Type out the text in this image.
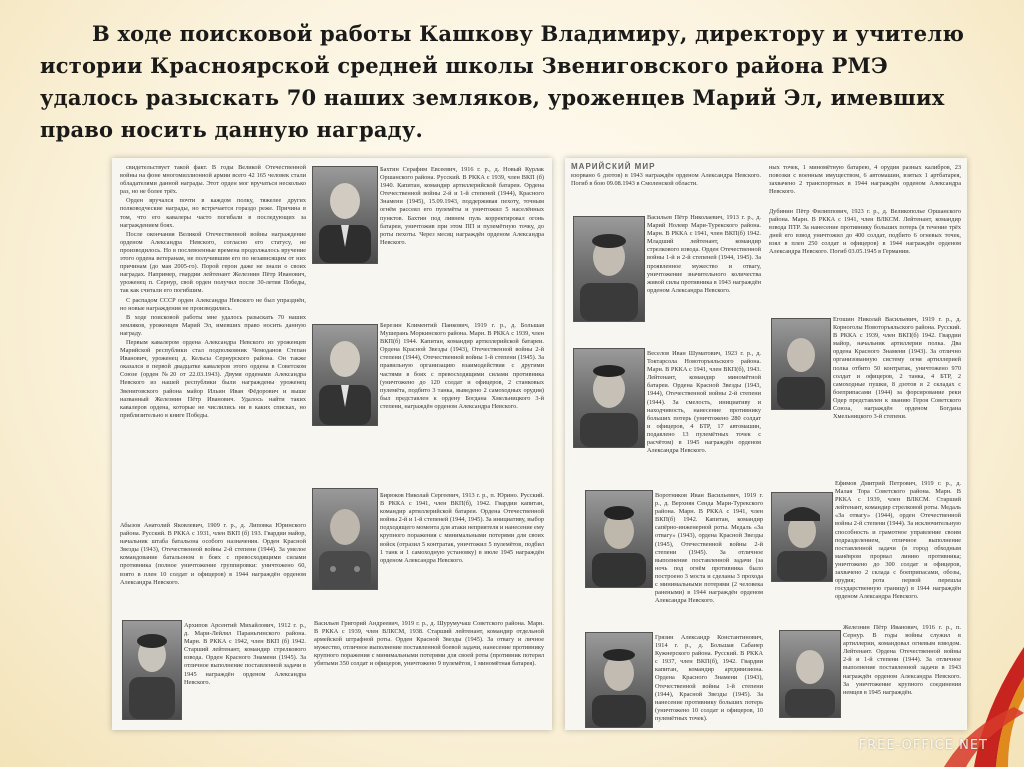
В ходе поисковой работы Кашкову Владимиру, директору и учителю истории Красноярской средней школы Звениговского района РМЭ удалось разыскать 70 наших земляков, уроженцев Марий Эл, имевших право носить данную награду.

свидетельствует такой факт. В годы Великой Отечественной войны на фоне многомиллионной армии всего 42 165 человек стали обладателями данной награды. Этот орден мог вручаться несколько раз, но не более трёх.

Орден вручался почти в каждом полку, тяжелее других полководческие награды, но встречается гораздо реже. Причина в том, что его кавалеры часто погибали в последующих за награждением боях.

После окончания Великой Отечественной войны награждение орденом Александра Невского, согласно его статусу, не производилось. Но в послевоенные времена продолжалось вручение этого ордена ветеранам, не получившим его по независящим от них причинам (до мая 2005-го). Порой герои даже не знали о своих наградах. Например, гвардии лейтенант Железнин Пётр Иванович, уроженец п. Сернур, свой орден получил после 30-летия Победы, так как считали его погибшим.

С распадом СССР орден Александра Невского не был упразднён, но новые награждения не производились.

В ходе поисковой работы мне удалось разыскать 70 наших земляков, уроженцев Марий Эл, имевших право носить данную награду.

Первым кавалером ордена Александра Невского из уроженцев Марийской республики стал подполковник Чемоданов Степан Иванович, уроженец д. Кельсы Сернурского района. Он также оказался в первой двадцатке кавалеров этого ордена в Советском Союзе (орден №20 от 22.03.1943). Двумя орденами Александра Невского из нашей республики были награждены уроженец Звениговского района майор Ильин Иван Фёдорович и выше названный Железнин Пётр Иванович. Удалось найти таких кавалеров ордена, которые не числились ни в каких списках, но приблизительно в книге Победы.

Абызов Анатолий Яковлевич, 1909 г. р., д. Липовка Юринского района. Русский. В РККА с 1931, член ВКП (б) 193. Гвардии майор, начальник штаба батальона особого назначения. Орден Красной Звезды (1943), Отечественной войны 2-й степени (1944). За умелое командование батальоном в боях с превосходящими силами противника (полное уничтожение группировки: уничтожено 60, взято в плен 10 солдат и офицеров) в 1944 награждён орденом Александра Невского.
Архипов Арсентий Михайлович, 1912 г. р., д. Мари-Лейлял Параньгинского района. Марн. В РККА с 1942, член ВКП (б) 1942. Старший лейтенант, командир стрелкового взвода. Орден Красного Знамени (1945). За отличное выполнение поставленной задачи в 1945 награждён орденом Александра Невского.
Бахтин Серафим Евсеевич, 1916 г. р., д. Новый Курлак Оршанского района. Русский. В РККА с 1939, член ВКП (б) 1940. Капитан, командир артиллерийской батареи. Ордена Отечественной войны 2-й и 1-й степеней (1944), Красного Знамени (1945), 15.09.1943, поддерживая пехоту, точным огнём рассеял его пулемёты и уничтожил 5 населённых пунктов. Бахтин под ливнем пуль корректировал огонь батареи, уничтожив при этом ПП и пулемётную точку, до роты пехоты. Через месяц награждён орденом Александра Невского.
Березин Климентий Панкович, 1919 г. р., д. Большая Мушерань Моркинского района. Марн. В РККА с 1939, член ВКП(б) 1944. Капитан, командир артиллерийской батареи. Ордена Красной Звезды (1943), Отечественной войны 2-й степени (1944), Отечественной войны 1-й степени (1945). За правильную организацию взаимодействия с другими частями в боях с превосходящими силами противника (уничтожено до 120 солдат и офицеров, 2 станковых пулемёта, подбито 3 танка, выведено 2 самоходных орудия) был представлен к ордену Богдана Хмельницкого 3-й степени, награждён орденом Александра Невского.
Бирюков Николай Сергеевич, 1913 г. р., п. Юрино. Русский. В РККА с 1941, член ВКП(б), 1942. Гвардии капитан, командир артиллерийской батареи. Ордена Отечественной войны 2-й и 1-й степеней (1944, 1945). За инициативу, выбор подходящего момента для атаки неприятеля и нанесение ему крупного поражения с минимальными потерями для своих войск (отразил 5 контратак, уничтожил 5 пулемётов, подбил 1 танк и 1 самоходную установку) в июле 1945 награждён орденом Александра Невского.
Васильев Григорий Андреевич, 1919 г. р., д. Шурумучаш Советского района. Марн. В РККА с 1939, член ВЛКСМ, 1938. Старший лейтенант, командир отдельной армейской штрафной роты. Орден Красной Звезды (1945). За отвагу и личное мужество, отличное выполнение поставленной боевой задачи, нанесение противнику крупного поражения с минимальными потерями для своей роты (противник потерял убитыми 350 солдат и офицеров, уничтожено 9 пулемётов, 1 миномётная батарея).
МАРИЙСКИЙ МИР
взорвано 6 дзотов) в 1943 награждён орденом Александра Невского. Погиб в бою 09.08.1943 в Смоленской области.
ных точек, 1 миномётную батарею, 4 орудия разных калибров, 23 повозки с военным имуществом, 6 автомашин, взятых 1 артбатарея, захвачено 2 транспортных в 1944 награждён орденом Александра Невского.
Васильев Пётр Николаевич, 1913 г. р., д. Марий Нолеяр Мари-Турекского района. Марн. В РККА с 1941, член ВКП(б) 1942. Младший лейтенант, командир стрелкового взвода. Орден Отечественной войны 1-й и 2-й степеней (1944, 1945). За проявленное мужество и отвагу, уничтожение значительного количества живой силы противника в 1943 награждён орденом Александра Невского.
Дубинин Пётр Филиппович, 1923 г. р., д. Великополье Оршанского района. Марн. В РККА с 1941, член ВЛКСМ. Лейтенант, командир взвода ПТР. За нанесение противнику больших потерь (в течение трёх дней его взвод уничтожил до 400 солдат, подбито 6 огневых точек, взял в плен 250 солдат и офицеров) в 1944 награждён орденом Александра Невского. Погиб 03.05.1945 в Германии.
Веселов Иван Шуматович, 1923 г. р., д. Токтарсола Новоторъяльского района. Марн. В РККА с 1941, член ВКП(б), 1943. Лейтенант, командир миномётной батареи. Ордена Красной Звезды (1943, 1944), Отечественной войны 2-й степени (1944). За смелость, инициативу и находчивость, нанесение противнику больших потерь (уничтожено 280 солдат и офицеров, 4 БТР, 17 автомашин, подавлено 13 пулемётных точек с расчётом) в 1945 награждён орденом Александра Невского.
Егошин Николай Васильевич, 1919 г. р., д. Корноголы Новоторъяльского района. Русский. В РККА с 1939, член ВКП(б) 1942. Гвардии майор, начальник артиллерии полка. Два ордена Красного Знамени (1943). За отлично организованную систему огня артиллерией полка отбито 50 контратак, уничтожено 970 солдат и офицеров, 2 танка, 4 БТР, 2 самоходные пушки, 8 дзотов в 2 складах с боеприпасами (1944) за форсирование реки Одер представлен к званию Героя Советского Союза, награждён орденом Богдана Хмельницкого 3-й степени.
Воротников Иван Васильевич, 1919 г. р., д. Верхняя Сенда Мари-Турекского района. Марн. В РККА с 1941, член ВКП(б) 1942. Капитан, командир сапёрно-инженерной роты. Медаль «За отвагу» (1943), ордена Красной Звезды (1945), Отечественной войны 2-й степени (1945). За отличное выполнение поставленной задачи (за ночь под огнём противника было построено 3 моста и сделаны 3 прохода с минимальными потерями (2 человека ранеными) в 1944 награждён орденом Александра Невского.
Ефимов Дмитрий Петрович, 1919 г. р., д. Малая Тора Советского района. Марн. В РККА с 1939, член ВЛКСМ. Старший лейтенант, командир стрелковой роты. Медаль «За отвагу» (1944), орден Отечественной войны 2-й степени (1944). За исключительную способность и грамотное управление своим подразделением, отличное выполнение поставленной задачи (в город обходным манёвром прорвал линию противника; уничтожено до 300 солдат и офицеров, захвачено 2 склада с боеприпасами, обозы, орудия; рота первой перешла государственную границу) в 1944 награждён орденом Александра Невского.
Грязин Александр Константинович, 1914 г. р., д. Большая Сабанер Кужнерского района. Русский. В РККА с 1937, член ВКП(б), 1942. Гвардии капитан, командир артдивизиона. Ордена Красного Знамени (1943), Отечественной войны 1-й степени (1944), Красной Звезды (1945). За нанесение противнику больших потерь (уничтожено 10 солдат и офицеров, 10 пулемётных точек).
Железнин Пётр Иванович, 1916 г. р., п. Сернур. В годы войны служил в артиллерии, командовал огневым взводом. Лейтенант. Ордена Отечественной войны 2-й и 1-й степени (1944). За отличное выполнение поставленной задачи в 1943 награждён орденом Александра Невского. За уничтожение крупного соединения немцев в 1945 награждён.
FREE-OFFICE.NET
